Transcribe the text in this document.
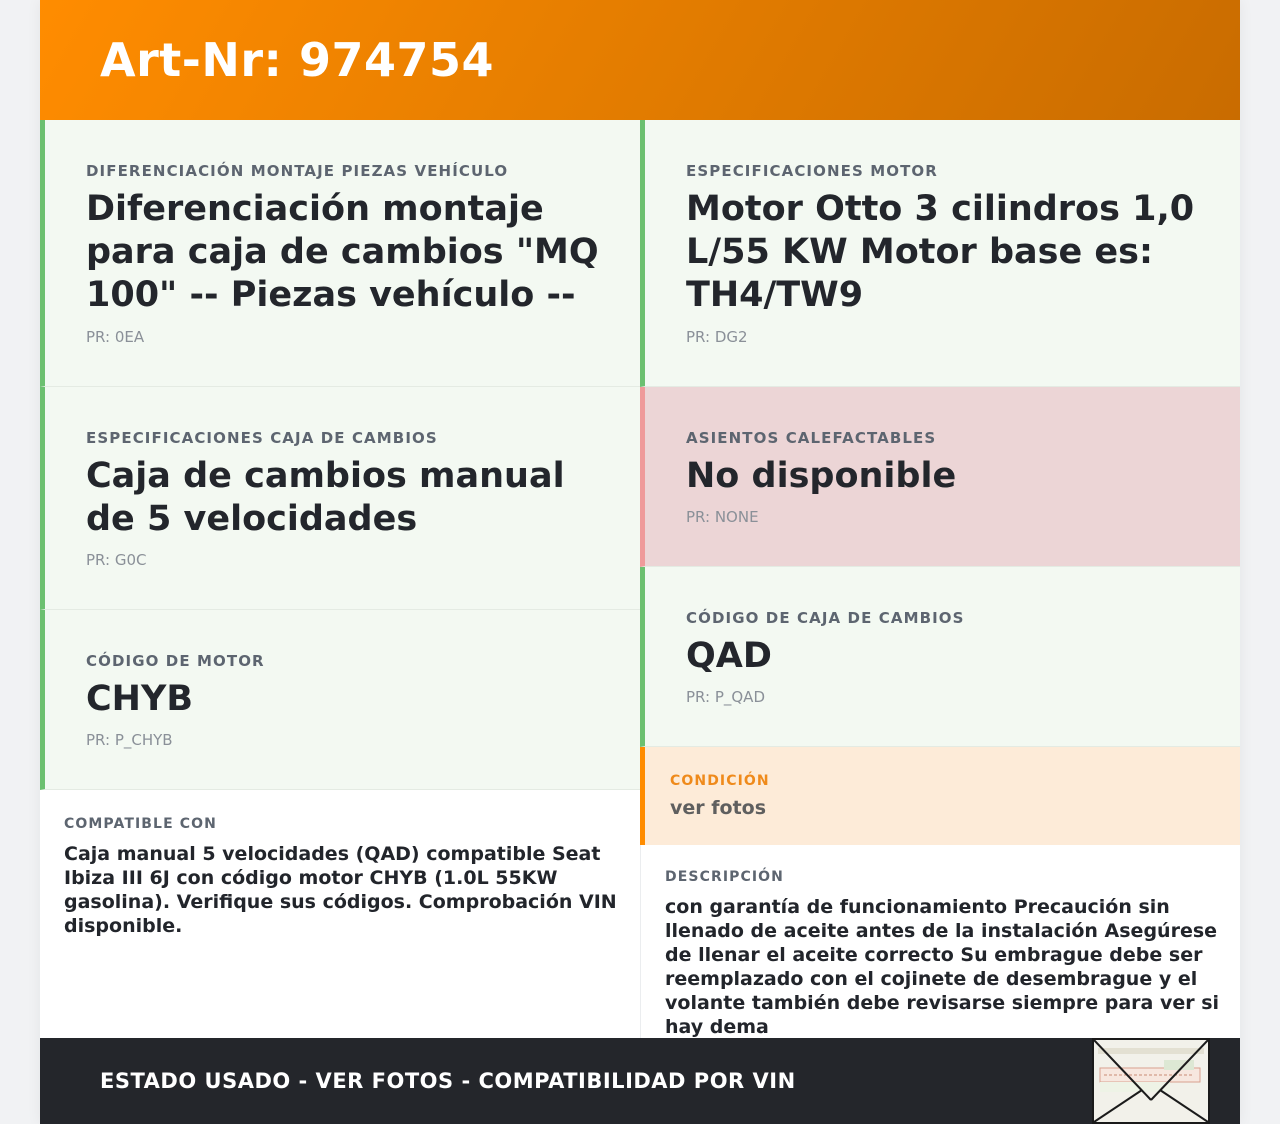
Art-Nr: 974754
DIFERENCIACIÓN MONTAJE PIEZAS VEHÍCULO
Diferenciación montaje para caja de cambios "MQ 100" -- Piezas vehículo --
PR: 0EA
ESPECIFICACIONES CAJA DE CAMBIOS
Caja de cambios manual de 5 velocidades
PR: G0C
CÓDIGO DE MOTOR
CHYB
PR: P_CHYB
COMPATIBLE CON
Caja manual 5 velocidades (QAD) compatible Seat Ibiza III 6J con código motor CHYB (1.0L 55KW gasolina). Verifique sus códigos. Comprobación VIN disponible.
ESPECIFICACIONES MOTOR
Motor Otto 3 cilindros 1,0 L/55 KW Motor base es: TH4/TW9
PR: DG2
ASIENTOS CALEFACTABLES
No disponible
PR: NONE
CÓDIGO DE CAJA DE CAMBIOS
QAD
PR: P_QAD
CONDICIÓN
ver fotos
DESCRIPCIÓN
con garantía de funcionamiento Precaución sin llenado de aceite antes de la instalación Asegúrese de llenar el aceite correcto Su embrague debe ser reemplazado con el cojinete de desembrague y el volante también debe revisarse siempre para ver si hay dema
ESTADO USADO - VER FOTOS - COMPATIBILIDAD POR VIN
